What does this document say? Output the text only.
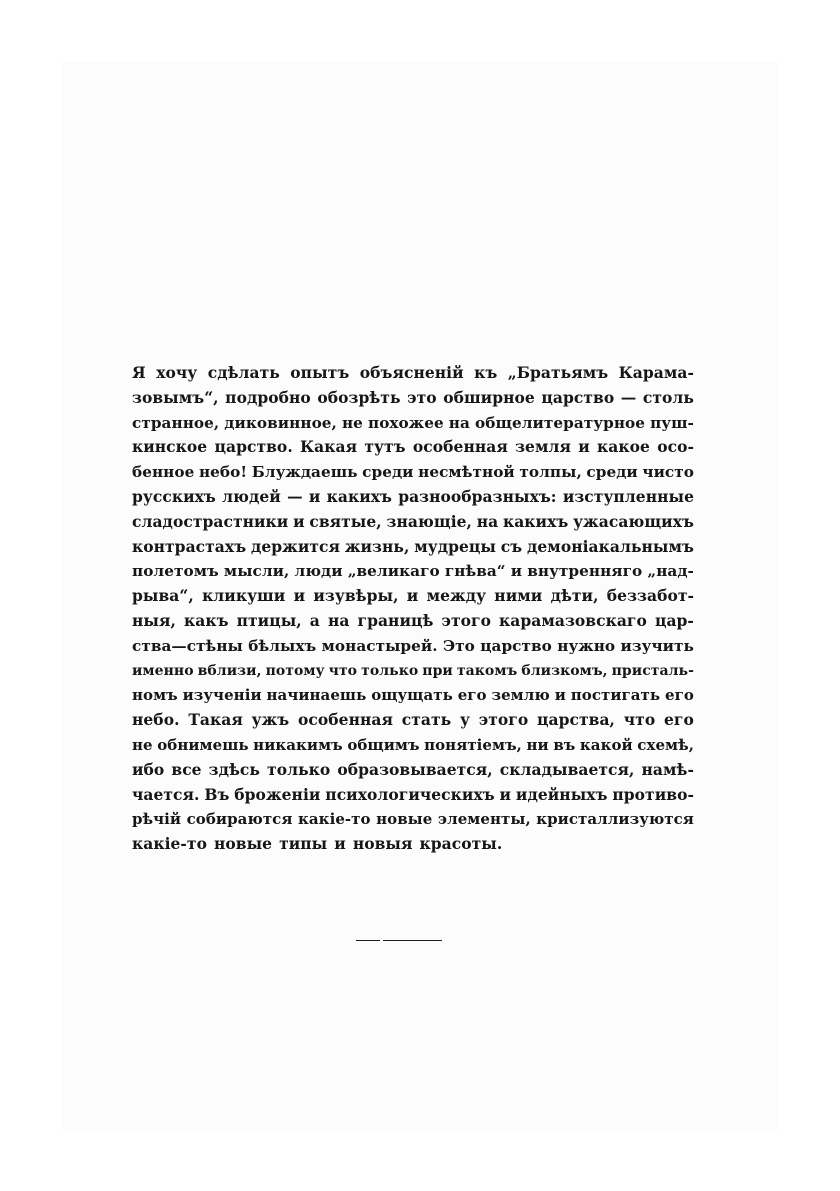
Я хочу сдѣлать опытъ объясненій къ „Братьямъ Карама-
зовымъ“, подробно обозрѣть это обширное царство — столь
странное, диковинное, не похожее на общелитературное пуш-
кинское царство. Какая тутъ особенная земля и какое осо-
бенное небо! Блуждаешь среди несмѣтной толпы, среди чисто
русскихъ людей — и какихъ разнообразныхъ: изступленные
сладострастники и святые, знающіе, на какихъ ужасающихъ
контрастахъ держится жизнь, мудрецы съ демоніакальнымъ
полетомъ мысли, люди „великаго гнѣва“ и внутренняго „над-
рыва“, кликуши и изувѣры, и между ними дѣти, беззабот-
ныя, какъ птицы, а на границѣ этого карамазовскаго цар-
ства—стѣны бѣлыхъ монастырей. Это царство нужно изучить
именно вблизи, потому что только при такомъ близкомъ, присталь-
номъ изученіи начинаешь ощущать его землю и постигать его
небо. Такая ужъ особенная стать у этого царства, что его
не обнимешь никакимъ общимъ понятіемъ, ни въ какой схемѣ,
ибо все здѣсь только образовывается, складывается, намѣ-
чается. Въ броженіи психологическихъ и идейныхъ противо-
рѣчій собираются какіе-то новые элементы, кристаллизуются
какіе-то новые типы и новыя красоты.
